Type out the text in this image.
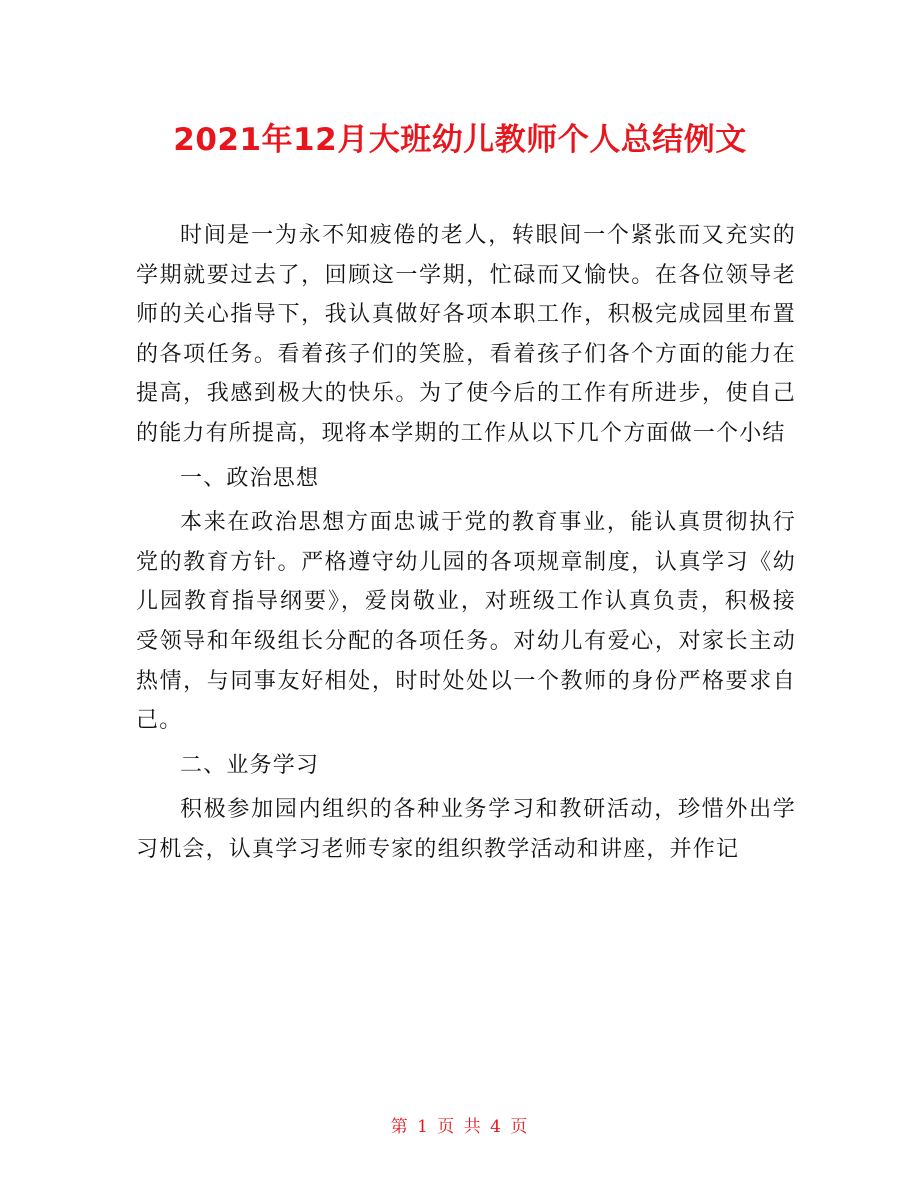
2021年12月大班幼儿教师个人总结例文

时间是一为永不知疲倦的老人，转眼间一个紧张而又充实的学期就要过去了，回顾这一学期，忙碌而又愉快。在各位领导老师的关心指导下，我认真做好各项本职工作，积极完成园里布置的各项任务。看着孩子们的笑脸，看着孩子们各个方面的能力在提高，我感到极大的快乐。为了使今后的工作有所进步，使自己的能力有所提高，现将本学期的工作从以下几个方面做一个小结

一、政治思想

本来在政治思想方面忠诚于党的教育事业，能认真贯彻执行党的教育方针。严格遵守幼儿园的各项规章制度，认真学习《幼儿园教育指导纲要》，爱岗敬业，对班级工作认真负责，积极接受领导和年级组长分配的各项任务。对幼儿有爱心，对家长主动热情，与同事友好相处，时时处处以一个教师的身份严格要求自己。

二、业务学习

积极参加园内组织的各种业务学习和教研活动，珍惜外出学习机会，认真学习老师专家的组织教学活动和讲座，并作记

第 1 页 共 4 页
